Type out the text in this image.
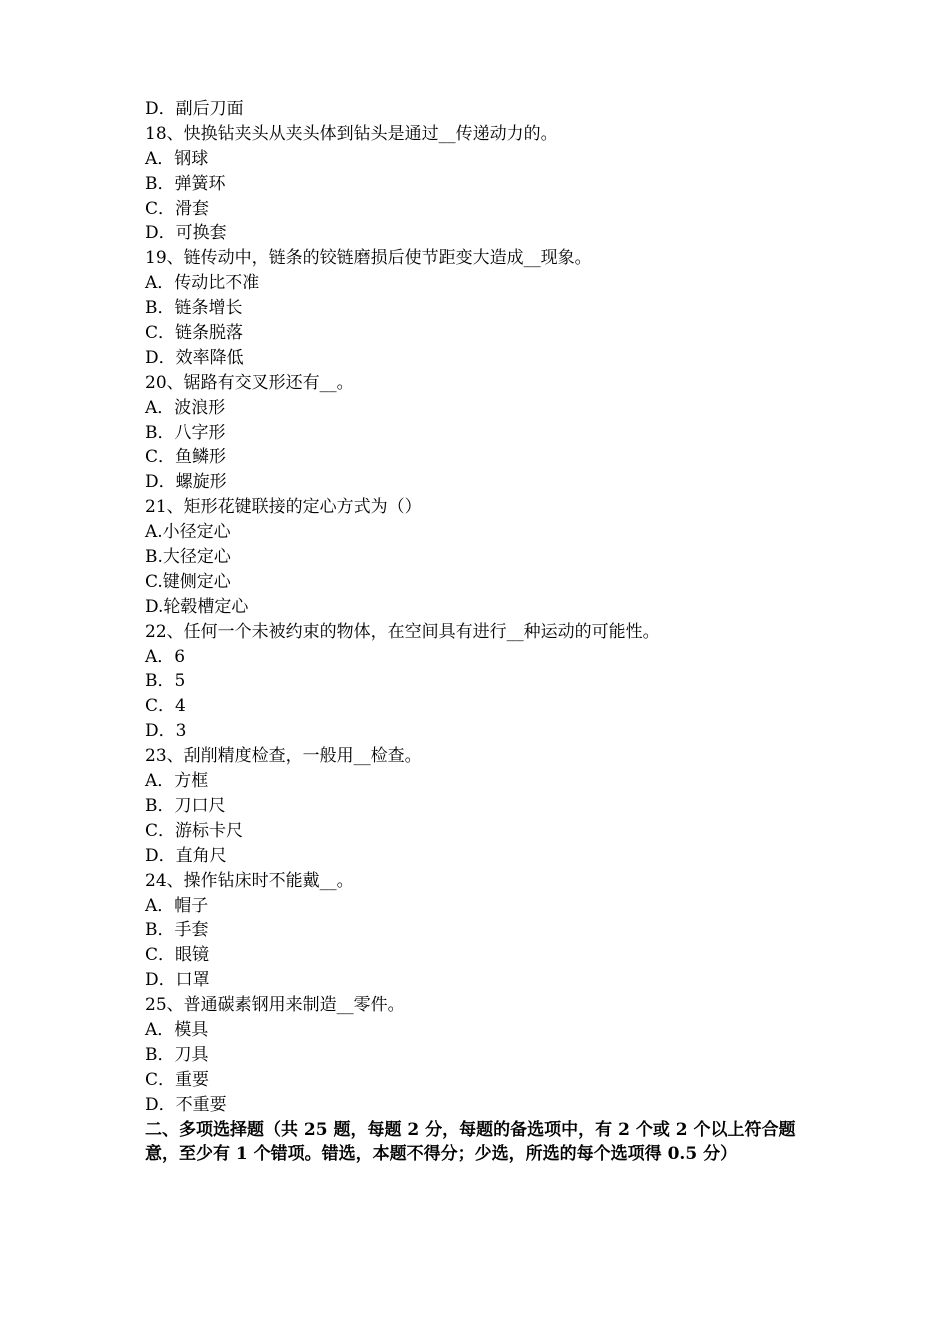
D．副后刀面
18、快换钻夹头从夹头体到钻头是通过__传递动力的。
A．钢球
B．弹簧环
C．滑套
D．可换套
19、链传动中，链条的铰链磨损后使节距变大造成__现象。
A．传动比不准
B．链条增长
C．链条脱落
D．效率降低
20、锯路有交叉形还有__。
A．波浪形
B．八字形
C．鱼鳞形
D．螺旋形
21、矩形花键联接的定心方式为（）
A.小径定心
B.大径定心
C.键侧定心
D.轮毂槽定心
22、任何一个未被约束的物体，在空间具有进行__种运动的可能性。
A．6
B．5
C．4
D．3
23、刮削精度检查，一般用__检查。
A．方框
B．刀口尺
C．游标卡尺
D．直角尺
24、操作钻床时不能戴__。
A．帽子
B．手套
C．眼镜
D．口罩
25、普通碳素钢用来制造__零件。
A．模具
B．刀具
C．重要
D．不重要
二、多项选择题（共 25 题，每题 2 分，每题的备选项中，有 2 个或 2 个以上符合题意，至少有 1 个错项。错选，本题不得分；少选，所选的每个选项得 0.5 分）
